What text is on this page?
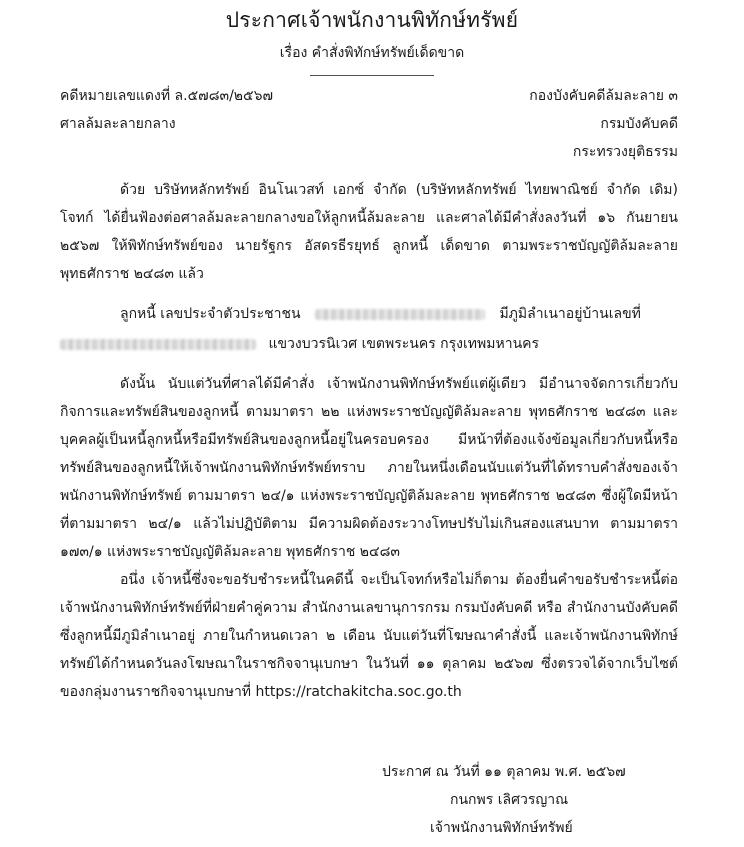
ประกาศเจ้าพนักงานพิทักษ์ทรัพย์
เรื่อง คำสั่งพิทักษ์ทรัพย์เด็ดขาด
คดีหมายเลขแดงที่ ล.๕๗๘๓/๒๕๖๗	กองบังคับคดีล้มละลาย ๓
ศาลล้มละลายกลาง	กรมบังคับคดี
กระทรวงยุติธรรม
ด้วย บริษัทหลักทรัพย์ อินโนเวสท์ เอกซ์ จำกัด (บริษัทหลักทรัพย์ ไทยพาณิชย์ จำกัด เดิม) โจทก์ ได้ยื่นฟ้องต่อศาลล้มละลายกลางขอให้ลูกหนี้ล้มละลาย และศาลได้มีคำสั่งลงวันที่ ๑๖ กันยายน ๒๕๖๗ ให้พิทักษ์ทรัพย์ของ นายรัฐกร อัสดรธีรยุทธ์ ลูกหนี้ เด็ดขาด ตามพระราชบัญญัติล้มละลาย พุทธศักราช ๒๔๘๓ แล้ว
ลูกหนี้ เลขประจำตัวประชาชน	มีภูมิลำเนาอยู่บ้านเลขที่
แขวงบวรนิเวศ เขตพระนคร กรุงเทพมหานคร
ดังนั้น นับแต่วันที่ศาลได้มีคำสั่ง เจ้าพนักงานพิทักษ์ทรัพย์แต่ผู้เดียว มีอำนาจจัดการเกี่ยวกับกิจการและทรัพย์สินของลูกหนี้ ตามมาตรา ๒๒ แห่งพระราชบัญญัติล้มละลาย พุทธศักราช ๒๔๘๓ และบุคคลผู้เป็นหนี้ลูกหนี้หรือมีทรัพย์สินของลูกหนี้อยู่ในครอบครอง มีหน้าที่ต้องแจ้งข้อมูลเกี่ยวกับหนี้หรือทรัพย์สินของลูกหนี้ให้เจ้าพนักงานพิทักษ์ทรัพย์ทราบ ภายในหนึ่งเดือนนับแต่วันที่ได้ทราบคำสั่งของเจ้าพนักงานพิทักษ์ทรัพย์ ตามมาตรา ๒๔/๑ แห่งพระราชบัญญัติล้มละลาย พุทธศักราช ๒๔๘๓ ซึ่งผู้ใดมีหน้าที่ตามมาตรา ๒๔/๑ แล้วไม่ปฏิบัติตาม มีความผิดต้องระวางโทษปรับไม่เกินสองแสนบาท ตามมาตรา ๑๗๓/๑ แห่งพระราชบัญญัติล้มละลาย พุทธศักราช ๒๔๘๓
อนึ่ง เจ้าหนี้ซึ่งจะขอรับชำระหนี้ในคดีนี้ จะเป็นโจทก์หรือไม่ก็ตาม ต้องยื่นคำขอรับชำระหนี้ต่อเจ้าพนักงานพิทักษ์ทรัพย์ที่ฝ่ายคำคู่ความ สำนักงานเลขานุการกรม กรมบังคับคดี หรือ สำนักงานบังคับคดีซึ่งลูกหนี้มีภูมิลำเนาอยู่ ภายในกำหนดเวลา ๒ เดือน นับแต่วันที่โฆษณาคำสั่งนี้ และเจ้าพนักงานพิทักษ์ทรัพย์ได้กำหนดวันลงโฆษณาในราชกิจจานุเบกษา ในวันที่ ๑๑ ตุลาคม ๒๕๖๗ ซึ่งตรวจได้จากเว็บไซต์ของกลุ่มงานราชกิจจานุเบกษาที่ https://ratchakitcha.soc.go.th
ประกาศ ณ วันที่ ๑๑ ตุลาคม พ.ศ. ๒๕๖๗
กนกพร เลิศวรญาณ
เจ้าพนักงานพิทักษ์ทรัพย์
